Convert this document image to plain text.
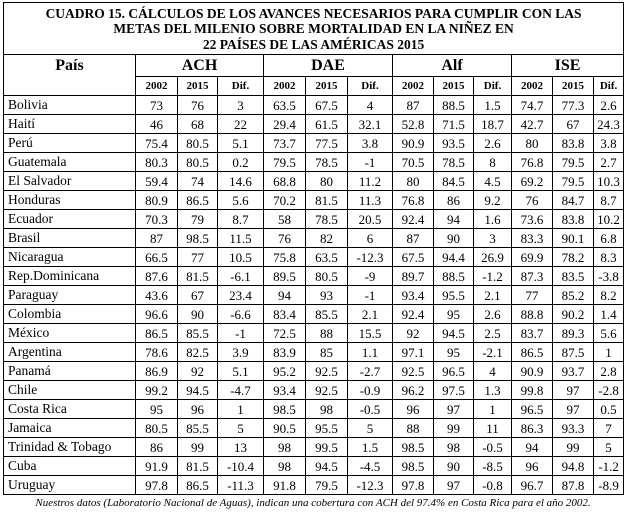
CUADRO 15. CÁLCULOS DE LOS AVANCES NECESARIOS PARA CUMPLIR CON LAS
METAS DEL MILENIO SOBRE MORTALIDAD EN LA NIÑEZ EN
22 PAÍSES DE LAS AMÉRICAS 2015												

País	ACH			DAE			Alf			ISE		
	2002	2015	Dif.	2002	2015	Dif.	2002	2015	Dif.	2002	2015	Dif.
Bolivia	73	76	3	63.5	67.5	4	87	88.5	1.5	74.7	77.3	2.6
Haití	46	68	22	29.4	61.5	32.1	52.8	71.5	18.7	42.7	67	24.3
Perú	75.4	80.5	5.1	73.7	77.5	3.8	90.9	93.5	2.6	80	83.8	3.8
Guatemala	80.3	80.5	0.2	79.5	78.5	-1	70.5	78.5	8	76.8	79.5	2.7
El Salvador	59.4	74	14.6	68.8	80	11.2	80	84.5	4.5	69.2	79.5	10.3
Honduras	80.9	86.5	5.6	70.2	81.5	11.3	76.8	86	9.2	76	84.7	8.7
Ecuador	70.3	79	8.7	58	78.5	20.5	92.4	94	1.6	73.6	83.8	10.2
Brasil	87	98.5	11.5	76	82	6	87	90	3	83.3	90.1	6.8
Nicaragua	66.5	77	10.5	75.8	63.5	-12.3	67.5	94.4	26.9	69.9	78.2	8.3
Rep.Dominicana	87.6	81.5	-6.1	89.5	80.5	-9	89.7	88.5	-1.2	87.3	83.5	-3.8
Paraguay	43.6	67	23.4	94	93	-1	93.4	95.5	2.1	77	85.2	8.2
Colombia	96.6	90	-6.6	83.4	85.5	2.1	92.4	95	2.6	88.8	90.2	1.4
México	86.5	85.5	-1	72.5	88	15.5	92	94.5	2.5	83.7	89.3	5.6
Argentina	78.6	82.5	3.9	83.9	85	1.1	97.1	95	-2.1	86.5	87.5	1
Panamá	86.9	92	5.1	95.2	92.5	-2.7	92.5	96.5	4	90.9	93.7	2.8
Chile	99.2	94.5	-4.7	93.4	92.5	-0.9	96.2	97.5	1.3	99.8	97	-2.8
Costa Rica	95	96	1	98.5	98	-0.5	96	97	1	96.5	97	0.5
Jamaica	80.5	85.5	5	90.5	95.5	5	88	99	11	86.3	93.3	7
Trinidad & Tobago	86	99	13	98	99.5	1.5	98.5	98	-0.5	94	99	5
Cuba	91.9	81.5	-10.4	98	94.5	-4.5	98.5	90	-8.5	96	94.8	-1.2
Uruguay	97.8	86.5	-11.3	91.8	79.5	-12.3	97.8	97	-0.8	96.7	87.8	-8.9
Nuestros datos (Laboratorio Nacional de Aguas), indican una cobertura con ACH del 97.4% en Costa Rica para el año 2002.
